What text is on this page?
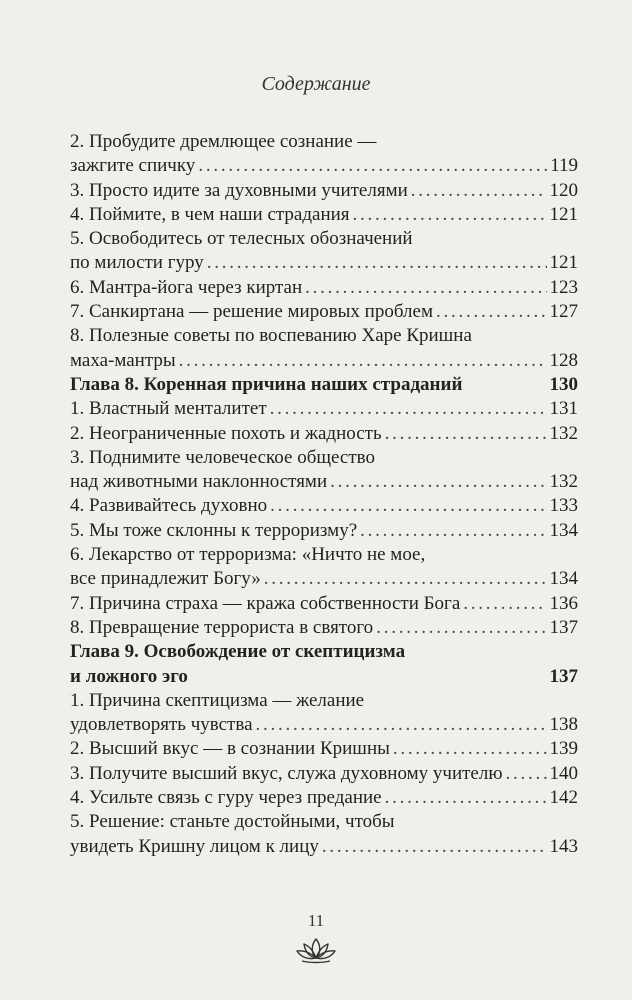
Содержание
2. Пробудите дремлющее сознание —
зажгите спичку . . .	119
3. Просто идите за духовными учителями . . .	120
4. Поймите, в чем наши страдания . . .	121
5. Освободитесь от телесных обозначений
по милости гуру . . .	121
6. Мантра-йога через киртан . . .	123
7. Санкиртана — решение мировых проблем . . .	127
8. Полезные советы по воспеванию Харе Кришна
маха-мантры . . .	128
Глава 8. Коренная причина наших страданий	130
1. Властный менталитет . . .	131
2. Неограниченные похоть и жадность . . .	132
3. Поднимите человеческое общество
над животными наклонностями . . .	132
4. Развивайтесь духовно . . .	133
5. Мы тоже склонны к терроризму? . . .	134
6. Лекарство от терроризма: «Ничто не мое,
все принадлежит Богу» . . .	134
7. Причина страха — кража собственности Бога . . .	136
8. Превращение террориста в святого . . .	137
Глава 9. Освобождение от скептицизма
и ложного эго	137
1. Причина скептицизма — желание
удовлетворять чувства . . .	138
2. Высший вкус — в сознании Кришны . . .	139
3. Получите высший вкус, служа духовному учителю . . . 140
4. Усильте связь с гуру через предание . . .	142
5. Решение: станьте достойными, чтобы
увидеть Кришну лицом к лицу . . .	143
11
